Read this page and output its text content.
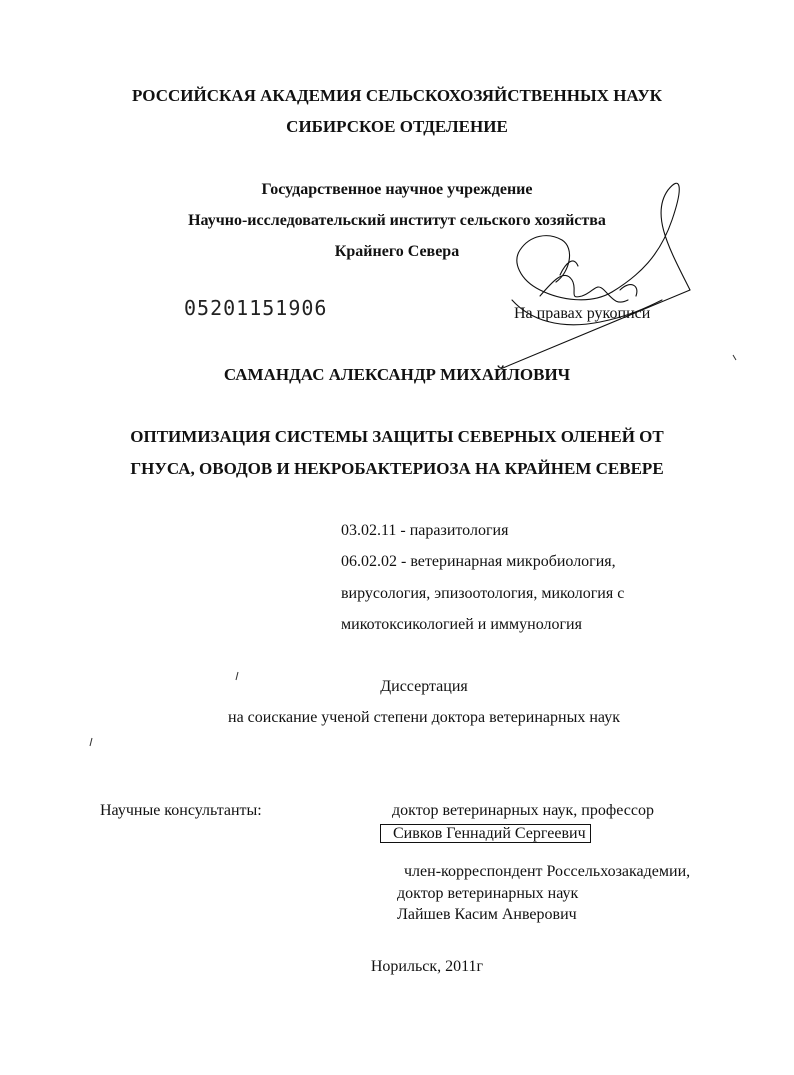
РОССИЙСКАЯ АКАДЕМИЯ СЕЛЬСКОХОЗЯЙСТВЕННЫХ НАУК
СИБИРСКОЕ ОТДЕЛЕНИЕ
Государственное научное учреждение
Научно-исследовательский институт сельского хозяйства
Крайнего Севера
05201151906	На правах рукописи
САМАНДАС АЛЕКСАНДР МИХАЙЛОВИЧ
ОПТИМИЗАЦИЯ СИСТЕМЫ ЗАЩИТЫ СЕВЕРНЫХ ОЛЕНЕЙ ОТ
ГНУСА, ОВОДОВ И НЕКРОБАКТЕРИОЗА НА КРАЙНЕМ СЕВЕРЕ
03.02.11 - паразитология
06.02.02 - ветеринарная микробиология,
вирусология, эпизоотология, микология с
микотоксикологией и иммунология
Диссертация
на соискание ученой степени доктора ветеринарных наук
Научные консультанты:	доктор ветеринарных наук, профессор
Сивков Геннадий Сергеевич
член-корреспондент Россельхозакадемии,
доктор ветеринарных наук
Лайшев Касим Анверович
Норильск, 2011г
